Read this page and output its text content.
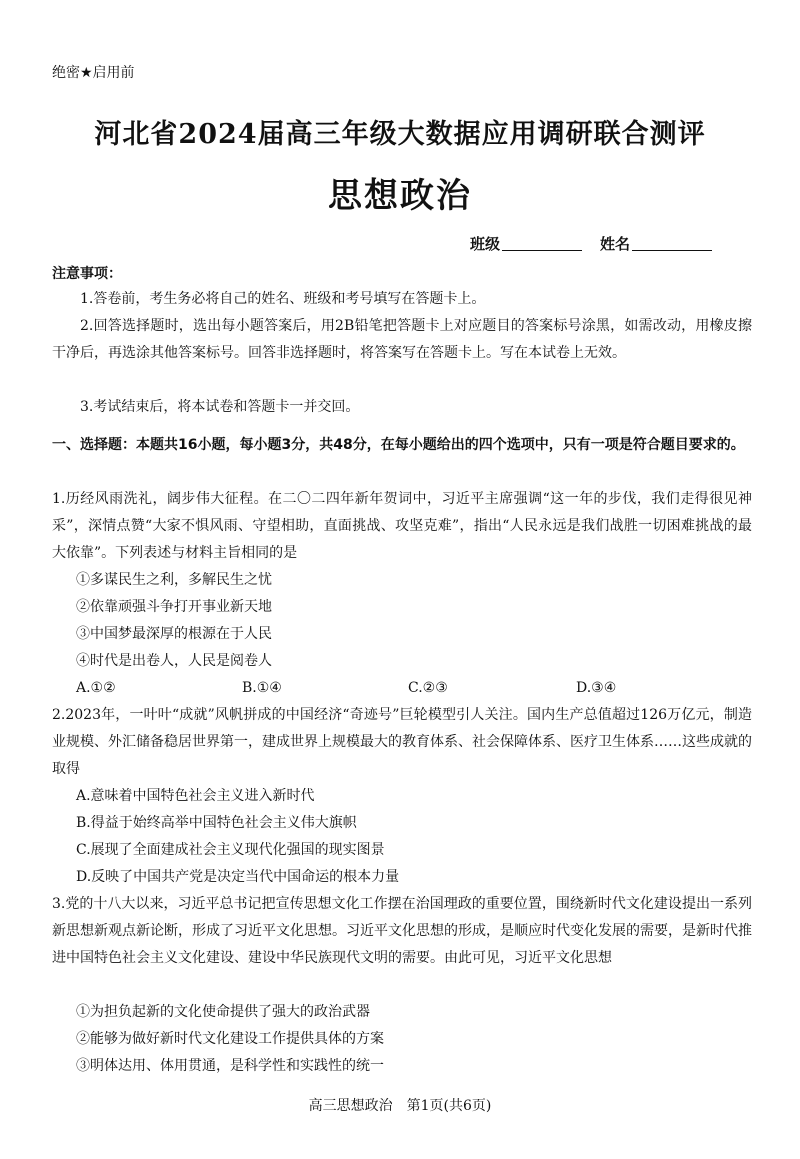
绝密★启用前
河北省2024届高三年级大数据应用调研联合测评
思想政治
班级	姓名
注意事项：
1.答卷前，考生务必将自己的姓名、班级和考号填写在答题卡上。
2.回答选择题时，选出每小题答案后，用2B铅笔把答题卡上对应题目的答案标号涂黑，如需改动，用橡皮擦干净后，再选涂其他答案标号。回答非选择题时，将答案写在答题卡上。写在本试卷上无效。
3.考试结束后，将本试卷和答题卡一并交回。
一、选择题：本题共16小题，每小题3分，共48分，在每小题给出的四个选项中，只有一项是符合题目要求的。
1.历经风雨洗礼，阔步伟大征程。在二〇二四年新年贺词中，习近平主席强调“这一年的步伐，我们走得很见神采”，深情点赞“大家不惧风雨、守望相助，直面挑战、攻坚克难”，指出“人民永远是我们战胜一切困难挑战的最大依靠”。下列表述与材料主旨相同的是
①多谋民生之利，多解民生之忧
②依靠顽强斗争打开事业新天地
③中国梦最深厚的根源在于人民
④时代是出卷人，人民是阅卷人
A.①②	B.①④	C.②③	D.③④
2.2023年，一叶叶“成就”风帆拼成的中国经济“奇迹号”巨轮模型引人关注。国内生产总值超过126万亿元，制造业规模、外汇储备稳居世界第一，建成世界上规模最大的教育体系、社会保障体系、医疗卫生体系……这些成就的取得
A.意味着中国特色社会主义进入新时代
B.得益于始终高举中国特色社会主义伟大旗帜
C.展现了全面建成社会主义现代化强国的现实图景
D.反映了中国共产党是决定当代中国命运的根本力量
3.党的十八大以来，习近平总书记把宣传思想文化工作摆在治国理政的重要位置，围绕新时代文化建设提出一系列新思想新观点新论断，形成了习近平文化思想。习近平文化思想的形成，是顺应时代变化发展的需要，是新时代推进中国特色社会主义文化建设、建设中华民族现代文明的需要。由此可见，习近平文化思想
①为担负起新的文化使命提供了强大的政治武器
②能够为做好新时代文化建设工作提供具体的方案
③明体达用、体用贯通，是科学性和实践性的统一
高三思想政治　第1页(共6页)
